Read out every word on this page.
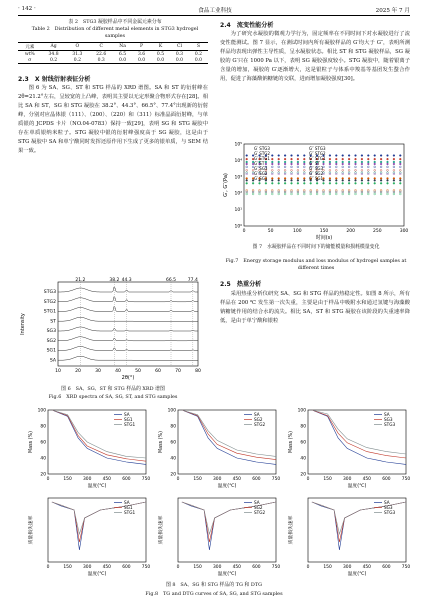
· 142 ·	食品工业科技	2025 年 7 月
表 2　STG3 凝胶样品中不同金属元素分布
Table 2　Distribution of different metal elements in STG3 hydrogel samples
元素	Ag	O	C	Na	P	K	Cl	S
wt%	34.8	31.3	22.6	6.5	3.6	0.5	0.3	0.2
σ	0.2	0.2	0.3	0.0	0.0	0.0	0.0	0.0
2.3　X 射线衍射表征分析
图 6 为 SA、SG、ST 和 STG 样品的 XRD 谱图。SA 和 ST 的衍射峰在 2θ=21.2°左右，呈较宽的上凸峰，表明其主要以无定形聚合物形式存在[28]。相比 SA 和 ST，SG 和 STG 凝胶在 38.2°、44.3°、66.5°、77.4°出现新的衍射峰，分别对应晶体银（111）、（200）、（220）和（311）标准晶面衍射峰，与单质银的 JCPDS 卡片（NO.04-0783）保持一致[29]，表明 SG 和 STG 凝胶中存在单质银纳米粒子。STG 凝胶中银的衍射峰强度高于 SG 凝胶，这是由于 STG 凝胶中 SA 和单宁酸同时发挥还原作用下生成了更多的银单质，与 SEM 结果一致。
STG3
STG2
STG1
ST
SG3
SG2
SG1
SA
21.2	38.2 44.3	66.5	77.4
10	20	30	40	50	60	70	80
2θ(°)
Intensity
图 6　SA、SG、ST 和 STG 样品的 XRD 谱图
Fig.6　XRD spectra of SA, SG, ST, and STG samples
2.4　流变性能分析
为了研究水凝胶的微观力学行为，固定频率在不同时间下对水凝胶进行了流变性能测试。图 7 显示，在测试时间内所有凝胶样品的 G′均大于 G″，表明所测样品均表现出弹性主导性质，呈水凝胶状态。相比 ST 和 STG 凝胶样品，SG 凝胶的 G′只在 1000 Pa 以下，表明 SG 凝胶强度较小。STG 凝胶中，随着银离子含量的增加，凝胶的 G′逐渐增大，这是银粒子与体系中羧基等基团发生螯合作用，促进了海藻酸钠糖链的交联，进而增加凝胶强度[30]。
10⁰
10¹
10²
10³
10⁴
10⁵
0	50	100	150	200	250	300
时间(s)
G′, G″(Pa)
G′ STG3	G″ STG3
G′ STG2	G″ STG2
G′ STG1	G″ STG1
G′ ST	G″ ST
G′ SG3	G″ SG3
G′ SG2	G″ SG2
G′ SG1	G″ SG1
图 7　水凝胶样品在不同时间下的储能模量和损耗模量变化
Fig.7　Energy storage modulus and loss modulus of hydrogel samples at different times
2.5　热重分析
采用热重分析仪研究 SA、SG 和 STG 样品的热稳定性。如图 8 所示，所有样品在 200 ℃ 发生第一次失重，主要是由于样品中吸附水和通过氢键与海藻酸钠糖链作用的结合水的流失。相比 SA，ST 和 STG 凝胶在该阶段的失重速率降低，是由于单宁酸和银粒
0	150	300	450	600	750
20
40
60
80
100
温度(℃)
Mass (%)
SA
SG1
STG1
0	150	300	450	600	750
20
40
60
80
100
温度(℃)
Mass (%)
SA
SG2
STG2
0	150	300	450	600	750
20
40
60
80
100
温度(℃)
Mass (%)
SA
SG3
STG3
0	150	300	450	600	750
温度(℃)
质量损失速率
SA
SG1
STG1
0	150	300	450	600	750
温度(℃)
质量损失速率
SA
SG2
STG2
0	150	300	450	600	750
温度(℃)
质量损失速率
SA
SG3
STG3
图 8　SA、SG 和 STG 样品的 TG 和 DTG
Fig.8　TG and DTG curves of SA, SG, and STG samples
